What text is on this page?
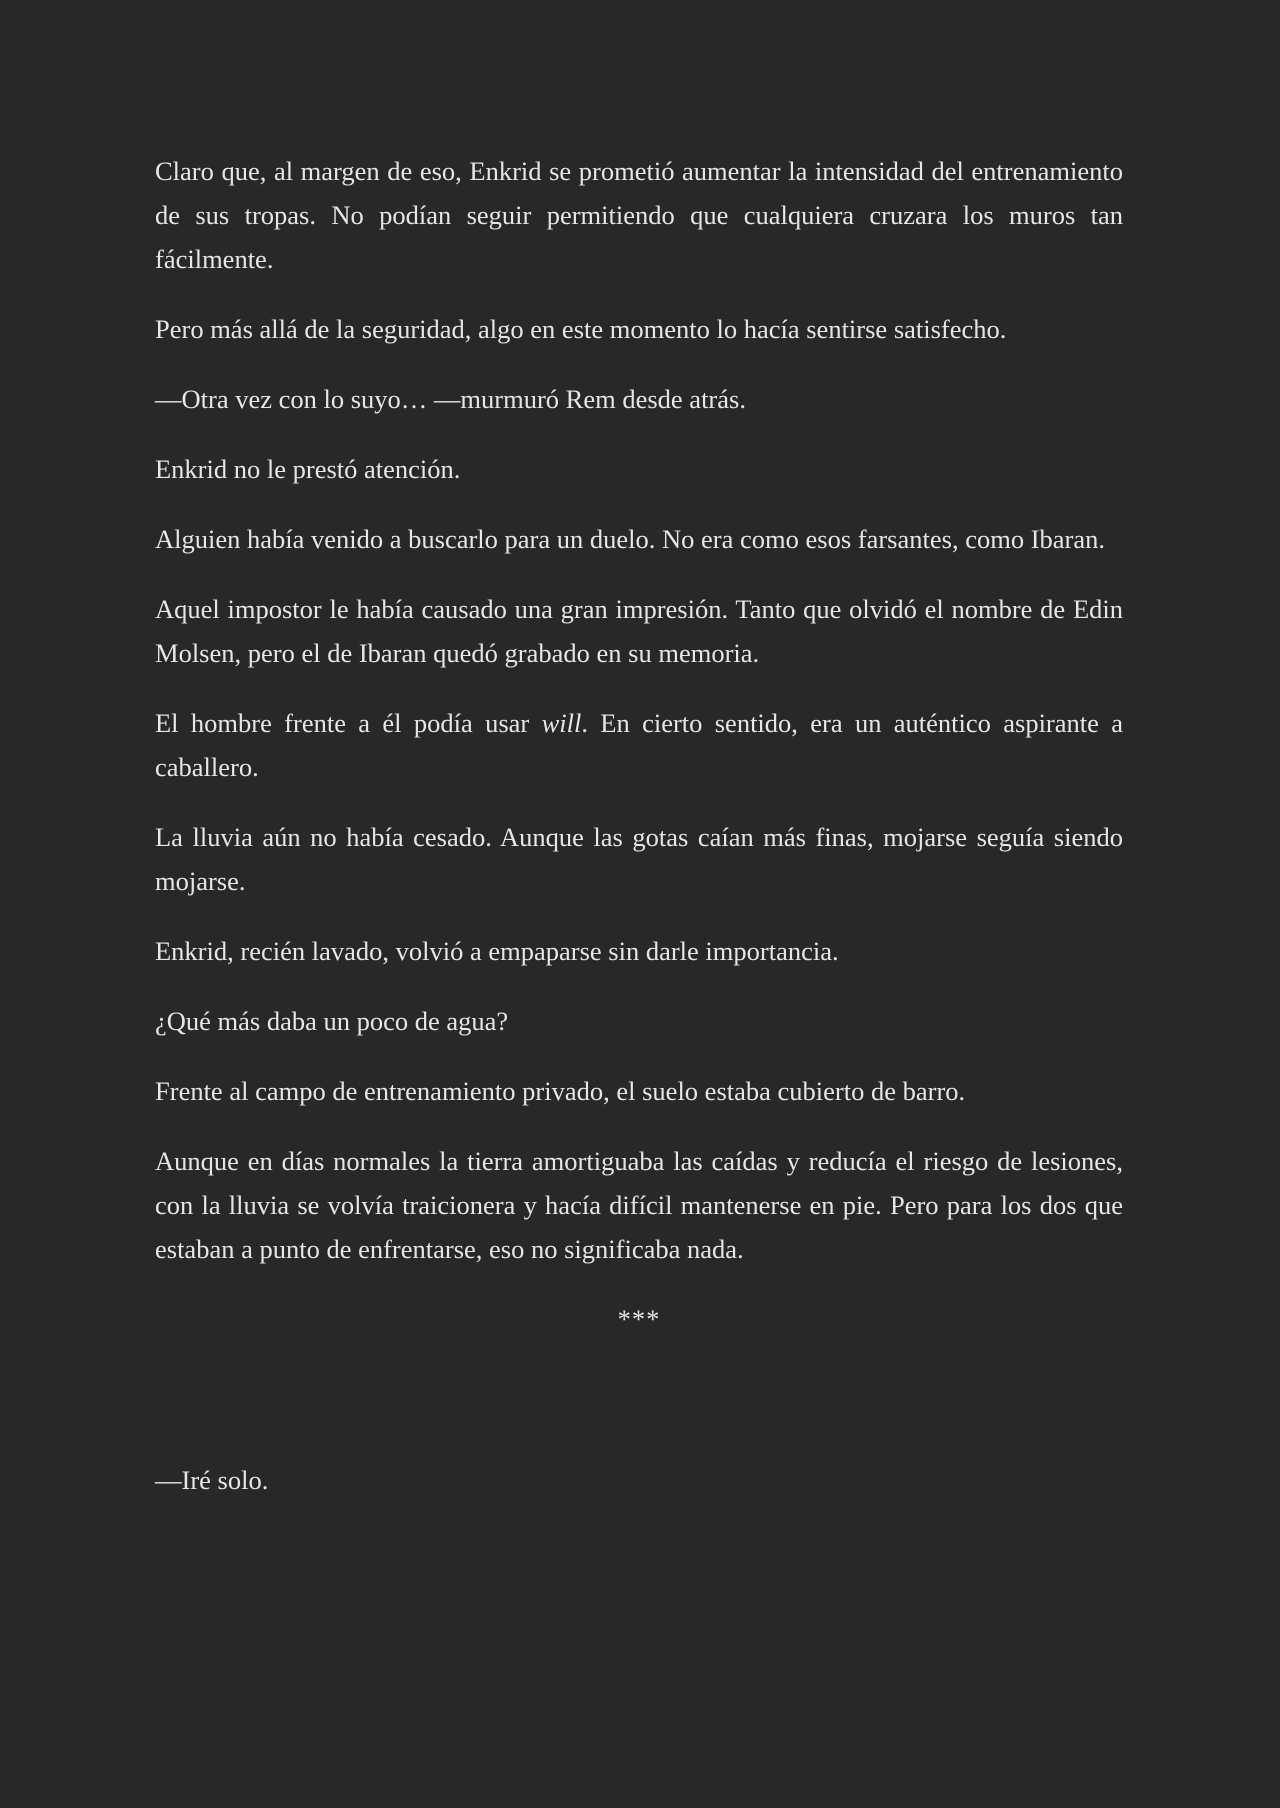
Claro que, al margen de eso, Enkrid se prometió aumentar la intensidad del entrenamiento de sus tropas. No podían seguir permitiendo que cualquiera cruzara los muros tan fácilmente.

Pero más allá de la seguridad, algo en este momento lo hacía sentirse satisfecho.

—Otra vez con lo suyo… —murmuró Rem desde atrás.

Enkrid no le prestó atención.

Alguien había venido a buscarlo para un duelo. No era como esos farsantes, como Ibaran.

Aquel impostor le había causado una gran impresión. Tanto que olvidó el nombre de Edin Molsen, pero el de Ibaran quedó grabado en su memoria.

El hombre frente a él podía usar will. En cierto sentido, era un auténtico aspirante a caballero.

La lluvia aún no había cesado. Aunque las gotas caían más finas, mojarse seguía siendo mojarse.

Enkrid, recién lavado, volvió a empaparse sin darle importancia.

¿Qué más daba un poco de agua?

Frente al campo de entrenamiento privado, el suelo estaba cubierto de barro.

Aunque en días normales la tierra amortiguaba las caídas y reducía el riesgo de lesiones, con la lluvia se volvía traicionera y hacía difícil mantenerse en pie. Pero para los dos que estaban a punto de enfrentarse, eso no significaba nada.

***

—Iré solo.
